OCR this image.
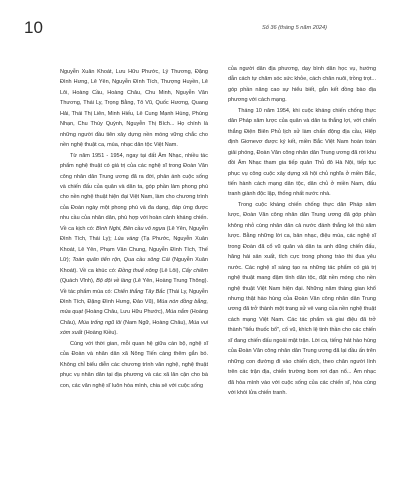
10	Số 36 (tháng 5 năm 2024)

Nguyễn Xuân Khoát, Lưu Hữu Phước, Lý Thương, Đặng Đình Hưng, Lê Yên, Nguyễn Đình Tích, Thượng Huyền, Lê Lôi, Hoàng Cầu, Hoàng Châu, Chu Minh, Nguyễn Văn Thương, Thái Ly, Trọng Bằng, Tô Vũ, Quốc Hương, Quang Hải, Thái Thị Liên, Minh Hiếu, Lê Cung Mạnh Hùng, Phùng Nhạn, Chu Thúy Quỳnh, Nguyễn Thị Bích... Họ chính là những người đầu tiên xây dựng nền móng vững chắc cho nền nghệ thuật ca, múa, nhạc dân tộc Việt Nam.

Từ năm 1951 - 1954, ngay tại đất Âm Nhạc, nhiều tác phẩm nghệ thuật có giá trị của các nghệ sĩ trong Đoàn Văn công nhân dân Trung ương đã ra đời, phản ánh cuộc sống và chiến đấu của quân và dân ta, góp phần làm phong phú cho nền nghệ thuật hiện đại Việt Nam, làm cho chương trình của Đoàn ngày một phong phú và đa dạng, đáp ứng được nhu cầu của nhân dân, phù hợp với hoàn cảnh kháng chiến. Về ca kịch có: Bình Nghi, Bên cầu vô ngựa (Lê Yên, Nguyễn Đình Tích, Thái Ly); Lúa vàng (Tạ Phước, Nguyễn Xuân Khoát, Lê Yên, Phạm Văn Chung, Nguyễn Đình Tích, Thế Lữ); Toàn quân tiến rộn, Qua cầu sông Cái (Nguyễn Xuân Khoát). Về ca khúc có: Đồng thuế nông (Lê Lôi), Cấy chiêm (Quách Vĩnh), Bộ đội về làng (Lê Yên, Hoàng Trung Thông). Về tác phẩm múa có: Chiến thắng Tây Bắc (Thái Ly, Nguyễn Đình Tích, Đặng Đình Hưng, Đảo Vũ), Múa nón đồng bằng, múa quạt (Hoàng Châu, Lưu Hữu Phước), Múa nắm (Hoàng Châu), Múa trống ngũ lôi (Nam Ngữ, Hoàng Châu), Múa vui xóm xuất (Hoàng Kiều).

Cùng với thời gian, mỗi quan hệ giữa cán bộ, nghệ sĩ của Đoàn và nhân dân xã Nông Tiến càng thêm gắn bó. Không chỉ biểu diễn các chương trình văn nghệ, nghệ thuật phục vụ nhân dân tại địa phương và các xã lân cận cho bà con, các văn nghệ sĩ luôn hòa mình, chia sẻ với cuộc sống

của người dân địa phương, dạy bình dân học vụ, hướng dẫn cách tự chăm sóc sức khỏe, cách chăn nuôi, trồng trọt... góp phần nâng cao sự hiểu biết, gắn kết đồng bào địa phương với cách mạng.

Tháng 10 năm 1954, khi cuộc kháng chiến chống thực dân Pháp xâm lược của quân và dân ta thắng lợi, với chiến thắng Điện Biên Phủ lịch sử làm chấn động địa cầu, Hiệp định Giơnevơ được ký kết, miền Bắc Việt Nam hoàn toàn giải phóng, Đoàn Văn công nhân dân Trung ương đã rời khu đồi Âm Nhạc tham gia tiếp quản Thủ đô Hà Nội, tiếp tục phục vụ công cuộc xây dựng xã hội chủ nghĩa ở miền Bắc, tiến hành cách mạng dân tộc, dân chủ ở miền Nam, đấu tranh giành độc lập, thống nhất nước nhà.

Trong cuộc kháng chiến chống thực dân Pháp xâm lược, Đoàn Văn công nhân dân Trung ương đã góp phần không nhỏ cùng nhân dân cả nước đánh thắng kẻ thù xâm lược. Bằng những lời ca, bản nhạc, điệu múa, các nghệ sĩ trong Đoàn đã cổ vũ quân và dân ta anh dũng chiến đấu, hăng hái sản xuất, tích cực trong phong trào thi đua yêu nước. Các nghệ sĩ sáng tạo ra những tác phẩm có giá trị nghệ thuật mang đậm tính dân tộc, đặt nền móng cho nền nghệ thuật Việt Nam hiện đại. Những năm tháng gian khổ nhưng thật hào hùng của Đoàn Văn công nhân dân Trung ương đã trở thành một trang sử vẻ vang của nền nghệ thuật cách mạng Việt Nam. Các tác phẩm và giai điệu đã trở thành "tiếu thuốc bổ", cổ vũ, khích lệ tinh thần cho các chiến sĩ đang chiến đấu ngoài mặt trận. Lời ca, tiếng hát hào hùng của Đoàn Văn công nhân dân Trung ương đã lại đầu ấn trên những con đường đi vào chiến dịch, theo chân người lính trên các trận địa, chiến trường bom rơi đạn nổ... Âm nhạc đã hòa mình vào với cuộc sống của các chiến sĩ, hòa cùng với khói lửa chiến tranh.
